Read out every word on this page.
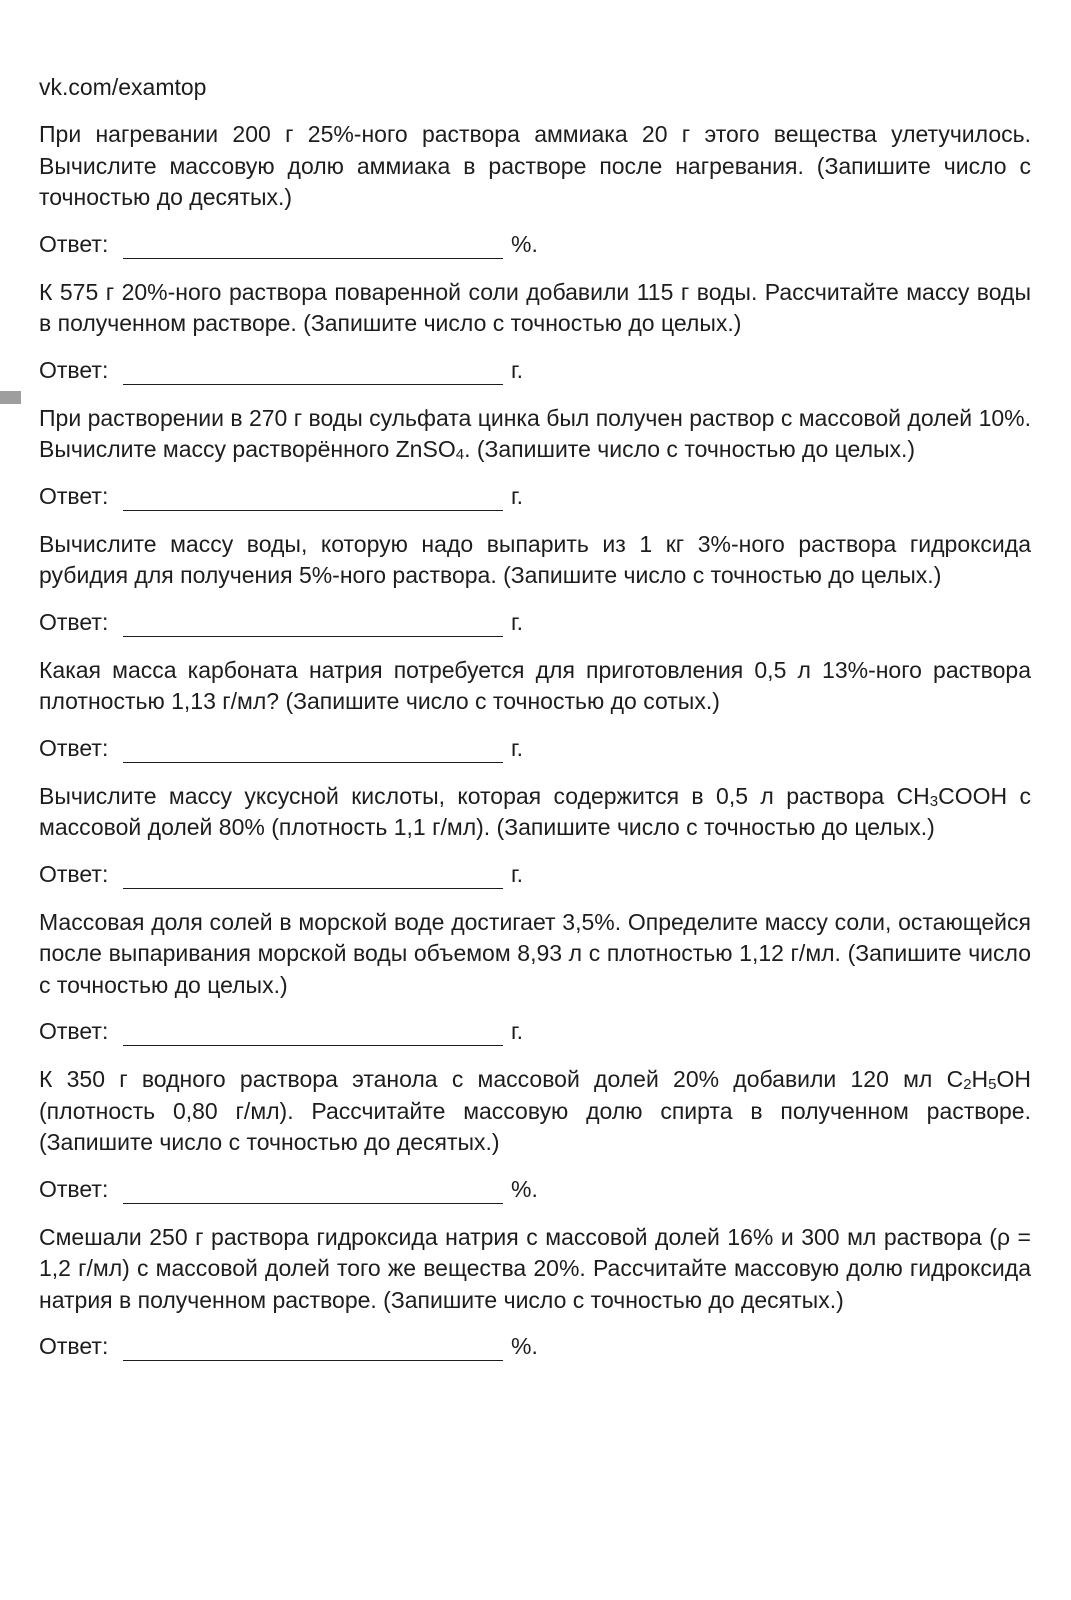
vk.com/examtop

При нагревании 200 г 25%-ного раствора аммиака 20 г этого вещества улетучилось. Вычислите массовую долю аммиака в растворе после нагревания. (Запишите число с точностью до десятых.)

Ответ:	%.

К 575 г 20%-ного раствора поваренной соли добавили 115 г воды. Рассчитайте массу воды в полученном растворе. (Запишите число с точностью до целых.)

Ответ:	г.

При растворении в 270 г воды сульфата цинка был получен раствор с массовой долей 10%. Вычислите массу растворённого ZnSO4. (Запишите число с точностью до целых.)

Ответ:	г.

Вычислите массу воды, которую надо выпарить из 1 кг 3%-ного раствора гидроксида рубидия для получения 5%-ного раствора. (Запишите число с точностью до целых.)

Ответ:	г.

Какая масса карбоната натрия потребуется для приготовления 0,5 л 13%-ного раствора плотностью 1,13 г/мл? (Запишите число с точностью до сотых.)

Ответ:	г.

Вычислите массу уксусной кислоты, которая содержится в 0,5 л раствора CH3COOH с массовой долей 80% (плотность 1,1 г/мл). (Запишите число с точностью до целых.)

Ответ:	г.

Массовая доля солей в морской воде достигает 3,5%. Определите массу соли, остающейся после выпаривания морской воды объемом 8,93 л с плотностью 1,12 г/мл. (Запишите число с точностью до целых.)

Ответ:	г.

К 350 г водного раствора этанола с массовой долей 20% добавили 120 мл C2H5OH (плотность 0,80 г/мл). Рассчитайте массовую долю спирта в полученном растворе. (Запишите число с точностью до десятых.)

Ответ:	%.

Смешали 250 г раствора гидроксида натрия с массовой долей 16% и 300 мл раствора (ρ = 1,2 г/мл) с массовой долей того же вещества 20%. Рассчитайте массовую долю гидроксида натрия в полученном растворе. (Запишите число с точностью до десятых.)

Ответ:	%.
